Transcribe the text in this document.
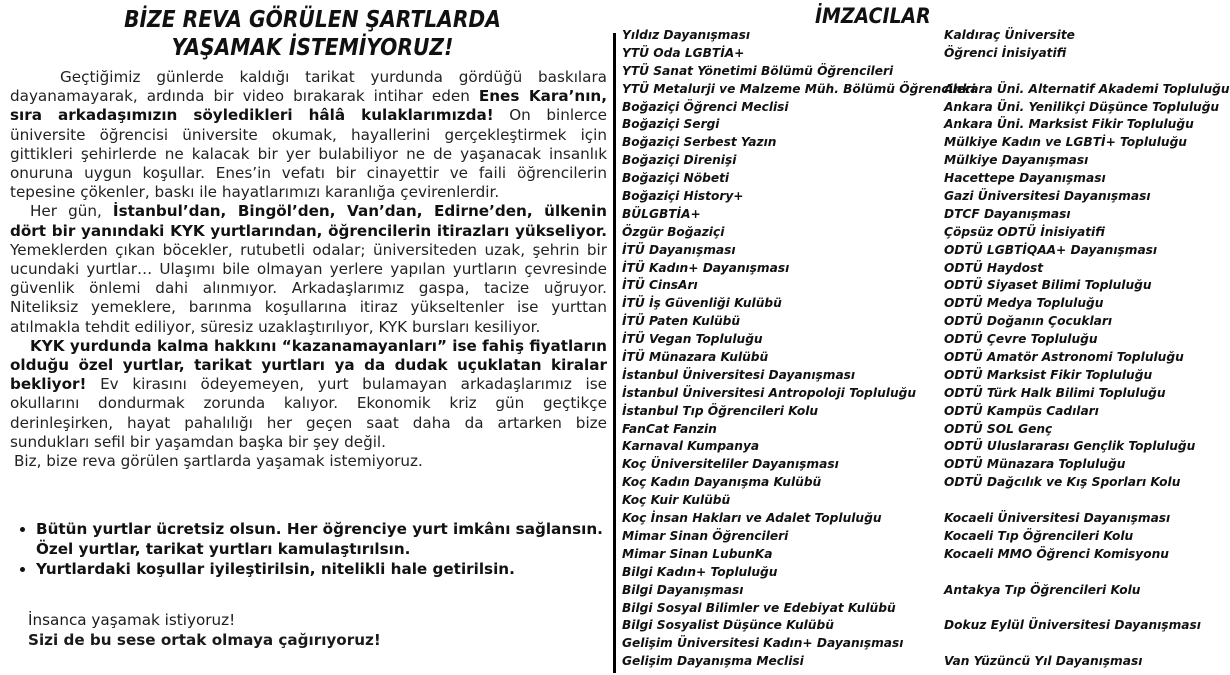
BİZE REVA GÖRÜLEN ŞARTLARDA
YAŞAMAK İSTEMİYORUZ!

Geçtiğimiz günlerde kaldığı tarikat yurdunda gördüğü baskılara dayanamayarak, ardında bir video bırakarak intihar eden Enes Kara’nın, sıra arkadaşımızın söyledikleri hâlâ kulaklarımızda! On binlerce üniversite öğrencisi üniversite okumak, hayallerini gerçekleştirmek için gittikleri şehirlerde ne kalacak bir yer bulabiliyor ne de yaşanacak insanlık onuruna uygun koşullar. Enes’in vefatı bir cinayettir ve faili öğrencilerin tepesine çökenler, baskı ile hayatlarımızı karanlığa çevirenlerdir.

Her gün, İstanbul’dan, Bingöl’den, Van’dan, Edirne’den, ülkenin dört bir yanındaki KYK yurtlarından, öğrencilerin itirazları yükseliyor. Yemeklerden çıkan böcekler, rutubetli odalar; üniversiteden uzak, şehrin bir ucundaki yurtlar… Ulaşımı bile olmayan yerlere yapılan yurtların çevresinde güvenlik önlemi dahi alınmıyor. Arkadaşlarımız gaspa, tacize uğruyor. Niteliksiz yemeklere, barınma koşullarına itiraz yükseltenler ise yurttan atılmakla tehdit ediliyor, süresiz uzaklaştırılıyor, KYK bursları kesiliyor.

KYK yurdunda kalma hakkını “kazanamayanları” ise fahiş fiyatların olduğu özel yurtlar, tarikat yurtları ya da dudak uçuklatan kiralar bekliyor! Ev kirasını ödeyemeyen, yurt bulamayan arkadaşlarımız ise okullarını dondurmak zorunda kalıyor. Ekonomik kriz gün geçtikçe derinleşirken, hayat pahalılığı her geçen saat daha da artarken bize sundukları sefil bir yaşamdan başka bir şey değil.

Biz, bize reva görülen şartlarda yaşamak istemiyoruz.

• Bütün yurtlar ücretsiz olsun. Her öğrenciye yurt imkânı sağlansın. Özel yurtlar, tarikat yurtları kamulaştırılsın.
• Yurtlardaki koşullar iyileştirilsin, nitelikli hale getirilsin.
İnsanca yaşamak istiyoruz!
Sizi de bu sese ortak olmaya çağırıyoruz!
İMZACILAR
Yıldız Dayanışması
YTÜ Oda LGBTİA+
YTÜ Sanat Yönetimi Bölümü Öğrencileri
YTÜ Metalurji ve Malzeme Müh. Bölümü Öğrencileri
Boğaziçi Öğrenci Meclisi
Boğaziçi Sergi
Boğaziçi Serbest Yazın
Boğaziçi Direnişi
Boğaziçi Nöbeti
Boğaziçi History+
BÜLGBTİA+
Özgür Boğaziçi
İTÜ Dayanışması
İTÜ Kadın+ Dayanışması
İTÜ CinsArı
İTÜ İş Güvenliği Kulübü
İTÜ Paten Kulübü
İTÜ Vegan Topluluğu
İTÜ Münazara Kulübü
İstanbul Üniversitesi Dayanışması
İstanbul Üniversitesi Antropoloji Topluluğu
İstanbul Tıp Öğrencileri Kolu
FanCat Fanzin
Karnaval Kumpanya
Koç Üniversiteliler Dayanışması
Koç Kadın Dayanışma Kulübü
Koç Kuir Kulübü
Koç İnsan Hakları ve Adalet Topluluğu
Mimar Sinan Öğrencileri
Mimar Sinan LubunKa
Bilgi Kadın+ Topluluğu
Bilgi Dayanışması
Bilgi Sosyal Bilimler ve Edebiyat Kulübü
Bilgi Sosyalist Düşünce Kulübü
Gelişim Üniversitesi Kadın+ Dayanışması
Gelişim Dayanışma Meclisi
Kaldıraç Üniversite
Öğrenci İnisiyatifi
Ankara Üni. Alternatif Akademi Topluluğu
Ankara Üni. Yenilikçi Düşünce Topluluğu
Ankara Üni. Marksist Fikir Topluluğu
Mülkiye Kadın ve LGBTİ+ Topluluğu
Mülkiye Dayanışması
Hacettepe Dayanışması
Gazi Üniversitesi Dayanışması
DTCF Dayanışması
Çöpsüz ODTÜ İnisiyatifi
ODTÜ LGBTİQAA+ Dayanışması
ODTÜ Haydost
ODTÜ Siyaset Bilimi Topluluğu
ODTÜ Medya Topluluğu
ODTÜ Doğanın Çocukları
ODTÜ Çevre Topluluğu
ODTÜ Amatör Astronomi Topluluğu
ODTÜ Marksist Fikir Topluluğu
ODTÜ Türk Halk Bilimi Topluluğu
ODTÜ Kampüs Cadıları
ODTÜ SOL Genç
ODTÜ Uluslararası Gençlik Topluluğu
ODTÜ Münazara Topluluğu
ODTÜ Dağcılık ve Kış Sporları Kolu
Kocaeli Üniversitesi Dayanışması
Kocaeli Tıp Öğrencileri Kolu
Kocaeli MMO Öğrenci Komisyonu
Antakya Tıp Öğrencileri Kolu
Dokuz Eylül Üniversitesi Dayanışması
Van Yüzüncü Yıl Dayanışması
